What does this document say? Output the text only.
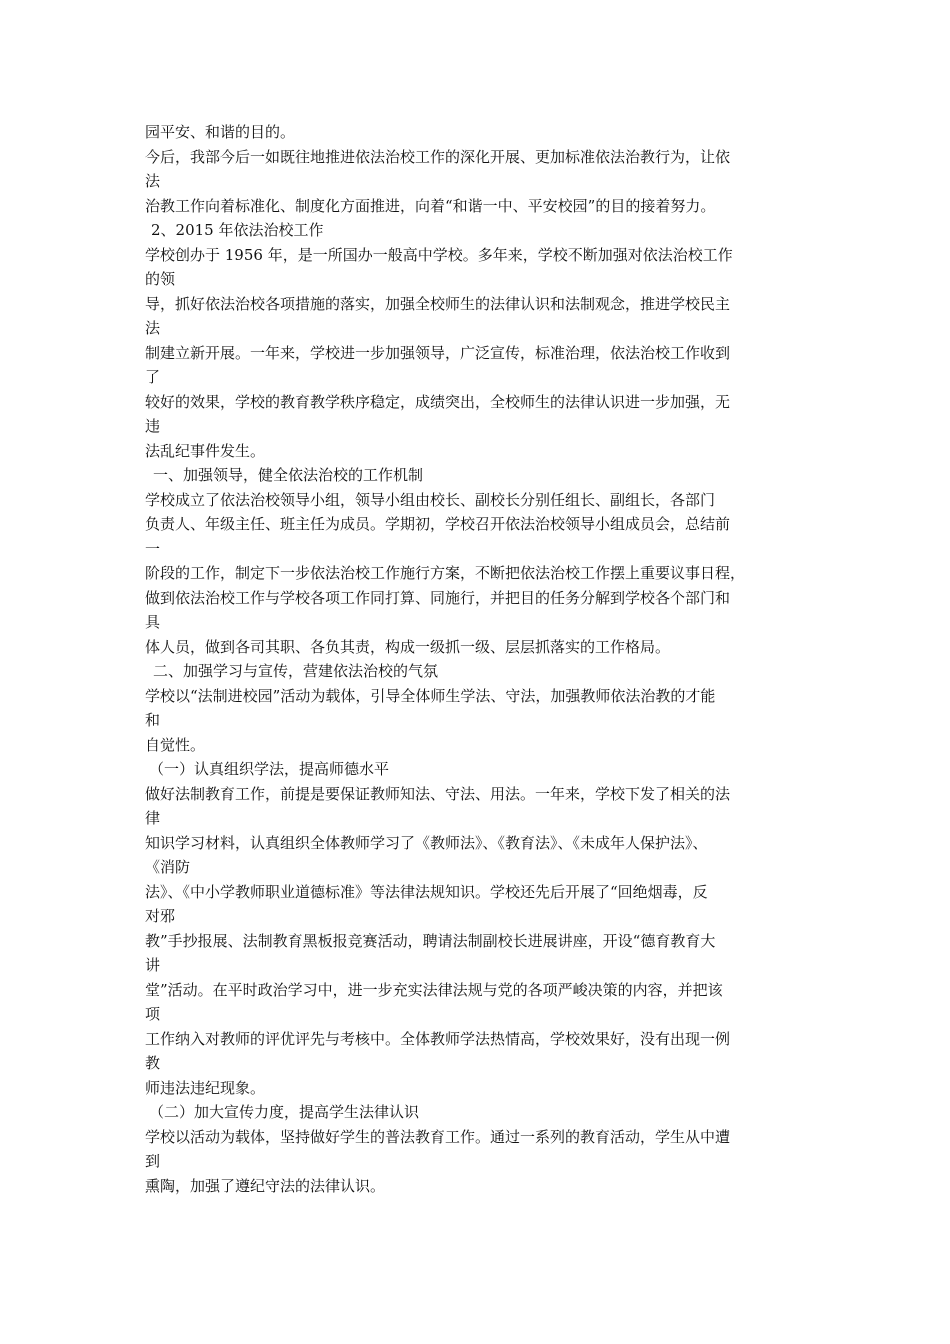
园平安、和谐的目的。

今后，我部今后一如既往地推进依法治校工作的深化开展、更加标准依法治教行为，让依

法

治教工作向着标准化、制度化方面推进，向着“和谐一中、平安校园”的目的接着努力。

2、2015 年依法治校工作

学校创办于 1956 年，是一所国办一般高中学校。多年来，学校不断加强对依法治校工作

的领

导，抓好依法治校各项措施的落实，加强全校师生的法律认识和法制观念，推进学校民主

法

制建立新开展。一年来，学校进一步加强领导，广泛宣传，标准治理，依法治校工作收到

了

较好的效果，学校的教育教学秩序稳定，成绩突出，全校师生的法律认识进一步加强，无

违

法乱纪事件发生。

一、加强领导，健全依法治校的工作机制

学校成立了依法治校领导小组，领导小组由校长、副校长分别任组长、副组长，各部门

负责人、年级主任、班主任为成员。学期初，学校召开依法治校领导小组成员会，总结前

一

阶段的工作，制定下一步依法治校工作施行方案，不断把依法治校工作摆上重要议事日程，

做到依法治校工作与学校各项工作同打算、同施行，并把目的任务分解到学校各个部门和

具

体人员，做到各司其职、各负其责，构成一级抓一级、层层抓落实的工作格局。

二、加强学习与宣传，营建依法治校的气氛

学校以“法制进校园”活动为载体，引导全体师生学法、守法，加强教师依法治教的才能

和

自觉性。

（一）认真组织学法，提高师德水平

做好法制教育工作，前提是要保证教师知法、守法、用法。一年来，学校下发了相关的法

律

知识学习材料，认真组织全体教师学习了《教师法》、《教育法》、《未成年人保护法》、

《消防

法》、《中小学教师职业道德标准》等法律法规知识。学校还先后开展了“回绝烟毒，反

对邪

教”手抄报展、法制教育黑板报竞赛活动，聘请法制副校长进展讲座，开设“德育教育大

讲

堂”活动。在平时政治学习中，进一步充实法律法规与党的各项严峻决策的内容，并把该

项

工作纳入对教师的评优评先与考核中。全体教师学法热情高，学校效果好，没有出现一例

教

师违法违纪现象。

（二）加大宣传力度，提高学生法律认识

学校以活动为载体，坚持做好学生的普法教育工作。通过一系列的教育活动，学生从中遭

到

熏陶，加强了遵纪守法的法律认识。
